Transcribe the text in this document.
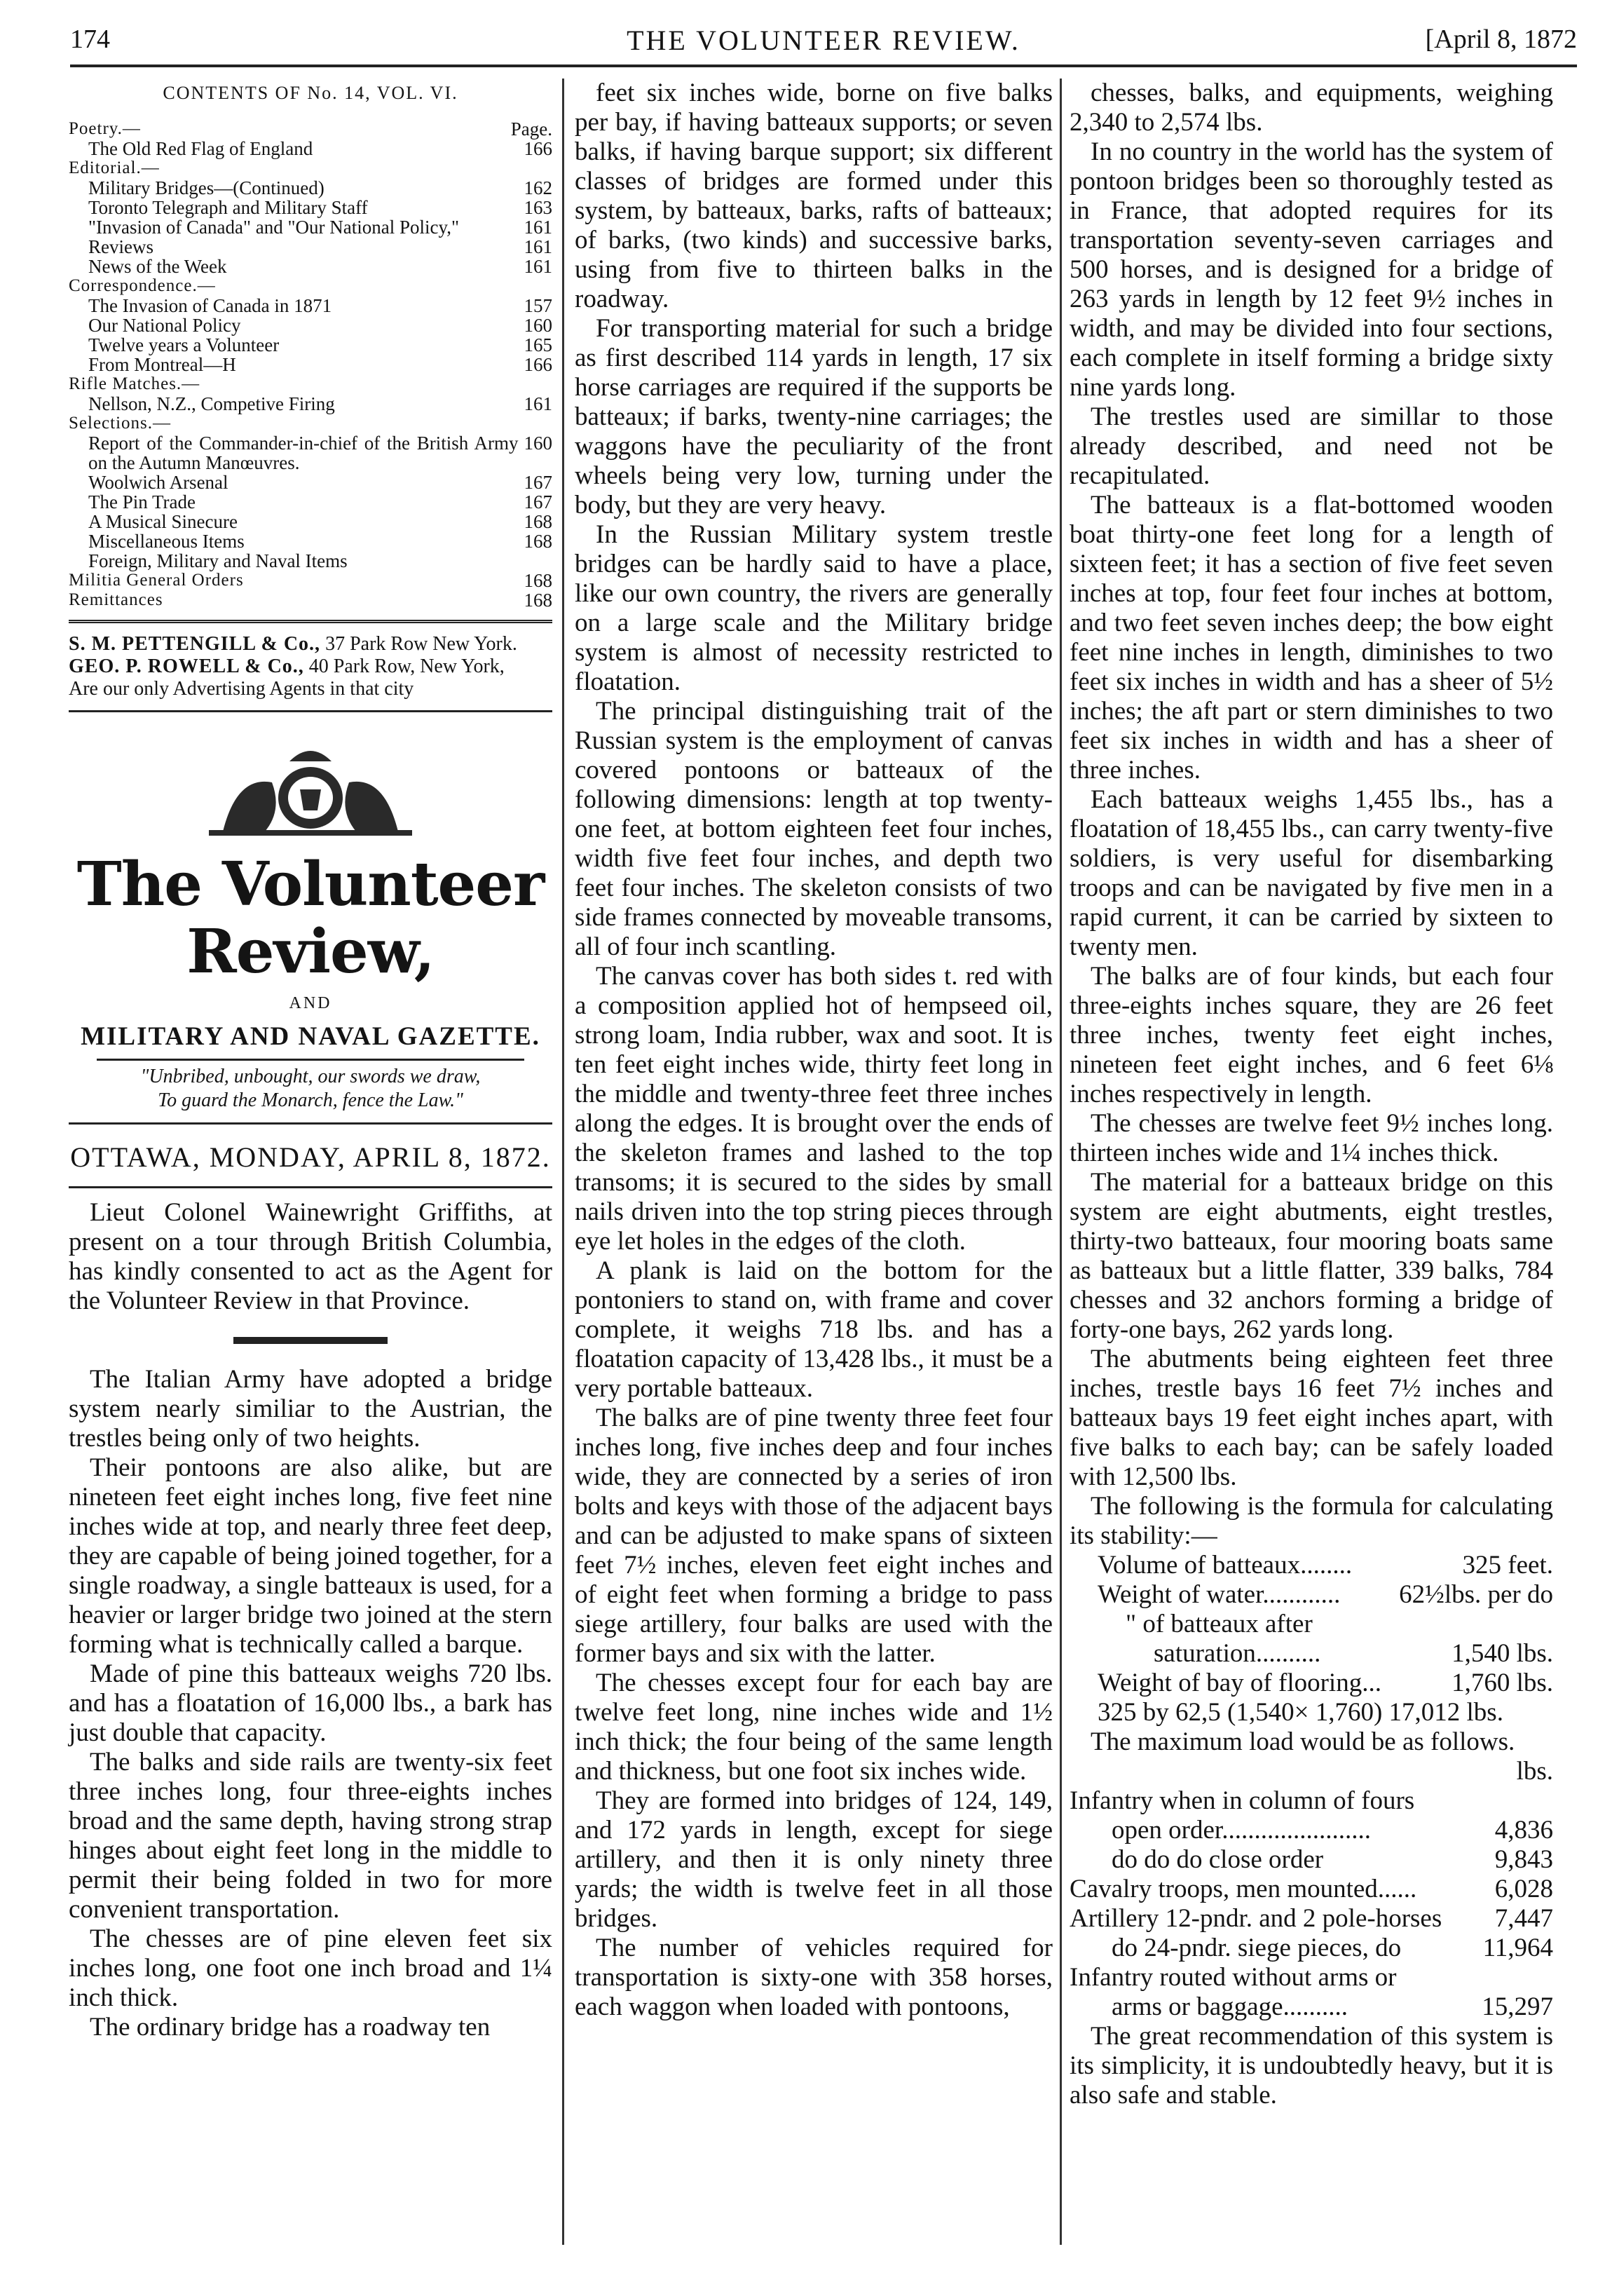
174	THE VOLUNTEER REVIEW.	[April 8, 1872
CONTENTS OF No. 14, VOL. VI.
Poetry.—	Page.
The Old Red Flag of England	166
Editorial.—
Military Bridges—(Continued)	162
Toronto Telegraph and Military Staff	163
"Invasion of Canada" and "Our National Policy,"	161
Reviews	161
News of the Week	161
Correspondence.—
The Invasion of Canada in 1871	157
Our National Policy	160
Twelve years a Volunteer	165
From Montreal—H	166
Rifle Matches.—
Nellson, N.Z., Competive Firing	161
Selections.—
Report of the Commander-in-chief of the British Army on the Autumn Manœuvres.
160
Woolwich Arsenal	167
The Pin Trade	167
A Musical Sinecure	168
Miscellaneous Items	168
Foreign, Military and Naval Items
Militia General Orders	168
Remittances	168
S. M. PETTENGILL & Co., 37 Park Row New York.
GEO. P. ROWELL & Co., 40 Park Row, New York,
Are our only Advertising Agents in that city
The Volunteer Review,
AND
MILITARY AND NAVAL GAZETTE.
"Unbribed, unbought, our swords we draw,
To guard the Monarch, fence the Law."
OTTAWA, MONDAY, APRIL 8, 1872.

Lieut Colonel Wainewright Griffiths, at present on a tour through British Columbia, has kindly consented to act as the Agent for the Volunteer Review in that Province.

The Italian Army have adopted a bridge system nearly similiar to the Austrian, the trestles being only of two heights.

Their pontoons are also alike, but are nineteen feet eight inches long, five feet nine inches wide at top, and nearly three feet deep, they are capable of being joined together, for a single roadway, a single batteaux is used, for a heavier or larger bridge two joined at the stern forming what is technically called a barque.

Made of pine this batteaux weighs 720 lbs. and has a floatation of 16,000 lbs., a bark has just double that capacity.

The balks and side rails are twenty-six feet three inches long, four three-eights inches broad and the same depth, having strong strap hinges about eight feet long in the middle to permit their being folded in two for more convenient transportation.

The chesses are of pine eleven feet six inches long, one foot one inch broad and 1¼ inch thick.

The ordinary bridge has a roadway ten

feet six inches wide, borne on five balks per bay, if having batteaux supports; or seven balks, if having barque support; six different classes of bridges are formed under this system, by batteaux, barks, rafts of batteaux; of barks, (two kinds) and successive barks, using from five to thirteen balks in the roadway.

For transporting material for such a bridge as first described 114 yards in length, 17 six horse carriages are required if the supports be batteaux; if barks, twenty-nine carriages; the waggons have the peculiarity of the front wheels being very low, turning under the body, but they are very heavy.

In the Russian Military system trestle bridges can be hardly said to have a place, like our own country, the rivers are generally on a large scale and the Military bridge system is almost of necessity restricted to floatation.

The principal distinguishing trait of the Russian system is the employment of canvas covered pontoons or batteaux of the following dimensions: length at top twenty-one feet, at bottom eighteen feet four inches, width five feet four inches, and depth two feet four inches. The skeleton consists of two side frames connected by moveable transoms, all of four inch scantling.

The canvas cover has both sides t. red with a composition applied hot of hempseed oil, strong loam, India rubber, wax and soot. It is ten feet eight inches wide, thirty feet long in the middle and twenty-three feet three inches along the edges. It is brought over the ends of the skeleton frames and lashed to the top transoms; it is secured to the sides by small nails driven into the top string pieces through eye let holes in the edges of the cloth.

A plank is laid on the bottom for the pontoniers to stand on, with frame and cover complete, it weighs 718 lbs. and has a floatation capacity of 13,428 lbs., it must be a very portable batteaux.

The balks are of pine twenty three feet four inches long, five inches deep and four inches wide, they are connected by a series of iron bolts and keys with those of the adjacent bays and can be adjusted to make spans of sixteen feet 7½ inches, eleven feet eight inches and of eight feet when forming a bridge to pass siege artillery, four balks are used with the former bays and six with the latter.

The chesses except four for each bay are twelve feet long, nine inches wide and 1½ inch thick; the four being of the same length and thickness, but one foot six inches wide.

They are formed into bridges of 124, 149, and 172 yards in length, except for siege artillery, and then it is only ninety three yards; the width is twelve feet in all those bridges.

The number of vehicles required for transportation is sixty-one with 358 horses, each waggon when loaded with pontoons,

chesses, balks, and equipments, weighing 2,340 to 2,574 lbs.

In no country in the world has the system of pontoon bridges been so thoroughly tested as in France, that adopted requires for its transportation seventy-seven carriages and 500 horses, and is designed for a bridge of 263 yards in length by 12 feet 9½ inches in width, and may be divided into four sections, each complete in itself forming a bridge sixty nine yards long.

The trestles used are simillar to those already described, and need not be recapitulated.

The batteaux is a flat-bottomed wooden boat thirty-one feet long for a length of sixteen feet; it has a section of five feet seven inches at top, four feet four inches at bottom, and two feet seven inches deep; the bow eight feet nine inches in length, diminishes to two feet six inches in width and has a sheer of 5½ inches; the aft part or stern diminishes to two feet six inches in width and has a sheer of three inches.

Each batteaux weighs 1,455 lbs., has a floatation of 18,455 lbs., can carry twenty-five soldiers, is very useful for disembarking troops and can be navigated by five men in a rapid current, it can be carried by sixteen to twenty men.

The balks are of four kinds, but each four three-eights inches square, they are 26 feet three inches, twenty feet eight inches, nineteen feet eight inches, and 6 feet 6⅛ inches respectively in length.

The chesses are twelve feet 9½ inches long. thirteen inches wide and 1¼ inches thick.

The material for a batteaux bridge on this system are eight abutments, eight trestles, thirty-two batteaux, four mooring boats same as batteaux but a little flatter, 339 balks, 784 chesses and 32 anchors forming a bridge of forty-one bays, 262 yards long.

The abutments being eighteen feet three inches, trestle bays 16 feet 7½ inches and batteaux bays 19 feet eight inches apart, with five balks to each bay; can be safely loaded with 12,500 lbs.

The following is the formula for calculating its stability:—

Volume of batteaux........	325 feet.
Weight of water............ 62½lbs. per do
" of batteaux after
saturation..........	1,540 lbs.
Weight of bay of flooring...	1,760 lbs.
325 by 62,5 (1,540× 1,760) 17,012 lbs.

The maximum load would be as follows.

lbs.
Infantry when in column of fours
open order.......................	4,836
do do do close order	9,843
Cavalry troops, men mounted......	6,028
Artillery 12-pndr. and 2 pole-horses 7,447
do 24-pndr. siege pieces, do	11,964
Infantry routed without arms or
arms or baggage..........	15,297

The great recommendation of this system is its simplicity, it is undoubtedly heavy, but it is also safe and stable.
